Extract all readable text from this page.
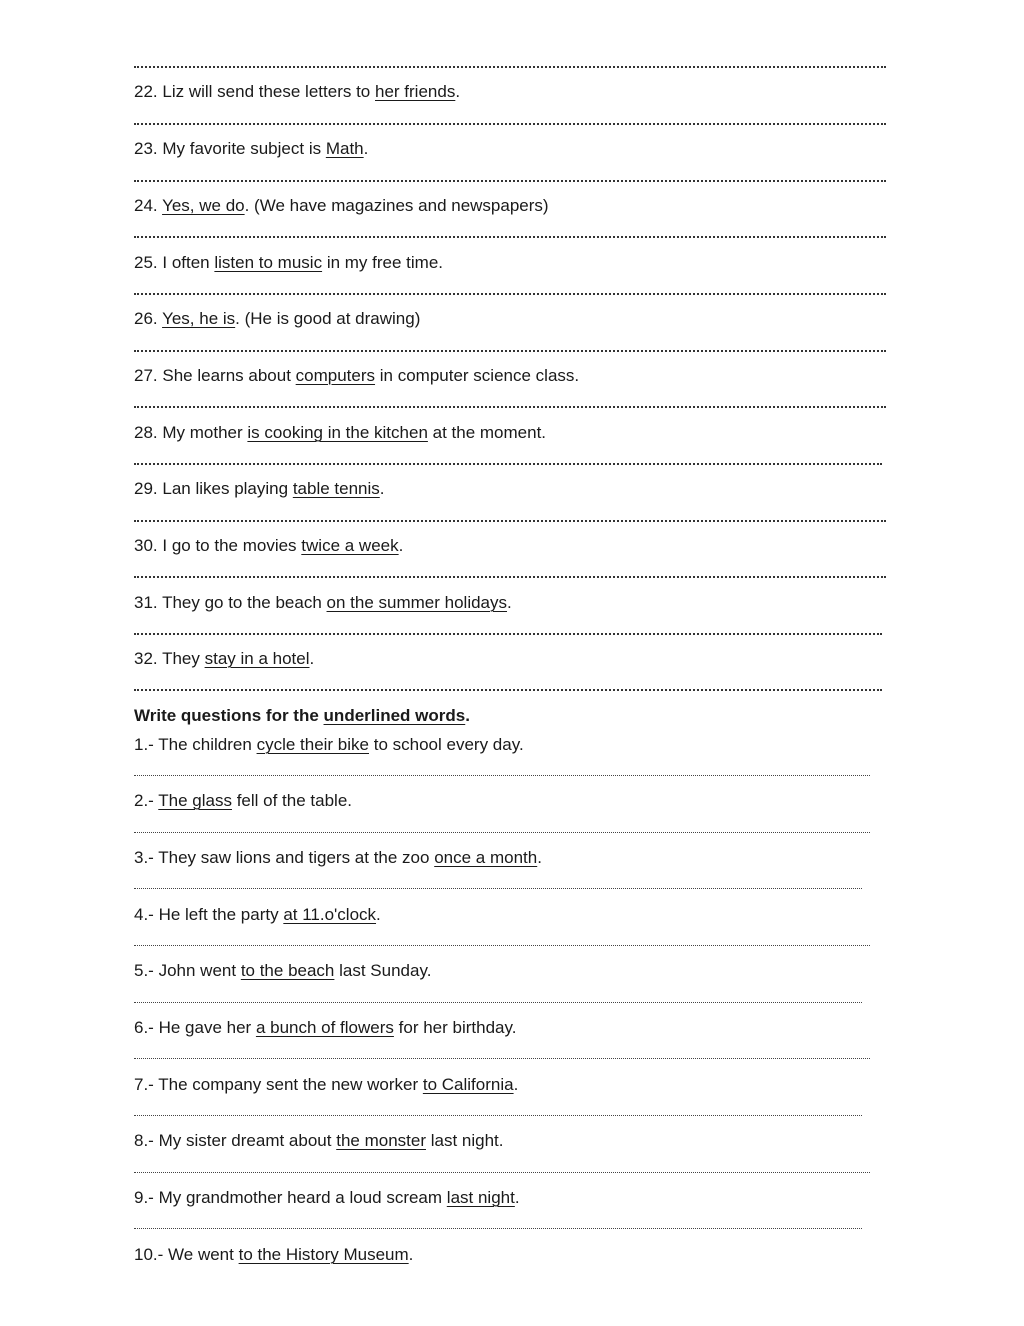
22. Liz will send these letters to her friends.
23. My favorite subject is Math.
24. Yes, we do. (We have magazines and newspapers)
25. I often listen to music in my free time.
26. Yes, he is. (He is good at drawing)
27. She learns about computers in computer science class.
28. My mother is cooking in the kitchen at the moment.
29. Lan likes playing table tennis.
30. I go to the movies twice a week.
31. They go to the beach on the summer holidays.
32. They stay in a hotel.
Write questions for the underlined words.
1.- The children cycle their bike to school every day.
2.- The glass fell of the table.
3.- They saw lions and tigers at the zoo once a month.
4.- He left the party at 11.o'clock.
5.- John went to the beach last Sunday.
6.- He gave her a bunch of flowers for her birthday.
7.- The company sent the new worker to California.
8.- My sister dreamt about the monster last night.
9.- My grandmother heard a loud scream last night.
10.- We went to the History Museum.
